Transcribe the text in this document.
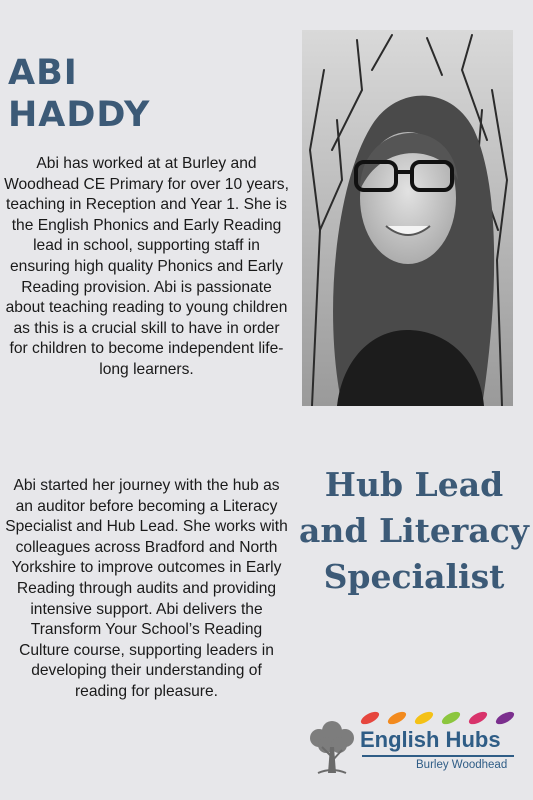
ABI
HADDY

Abi has worked at at Burley and Woodhead CE Primary for over 10 years, teaching in Reception and Year 1. She is the English Phonics and Early Reading lead in school, supporting staff in ensuring high quality Phonics and Early Reading provision. Abi is passionate about teaching reading to young children as this is a crucial skill to have in order for children to become independent life-long learners.

Abi started her journey with the hub as an auditor before becoming a Literacy Specialist and Hub Lead. She works with colleagues across Bradford and North Yorkshire to improve outcomes in Early Reading through audits and providing intensive support. Abi delivers the Transform Your School’s Reading Culture course, supporting leaders in developing their understanding of reading for pleasure.

Hub Lead and Literacy Specialist
English Hubs
Burley Woodhead
